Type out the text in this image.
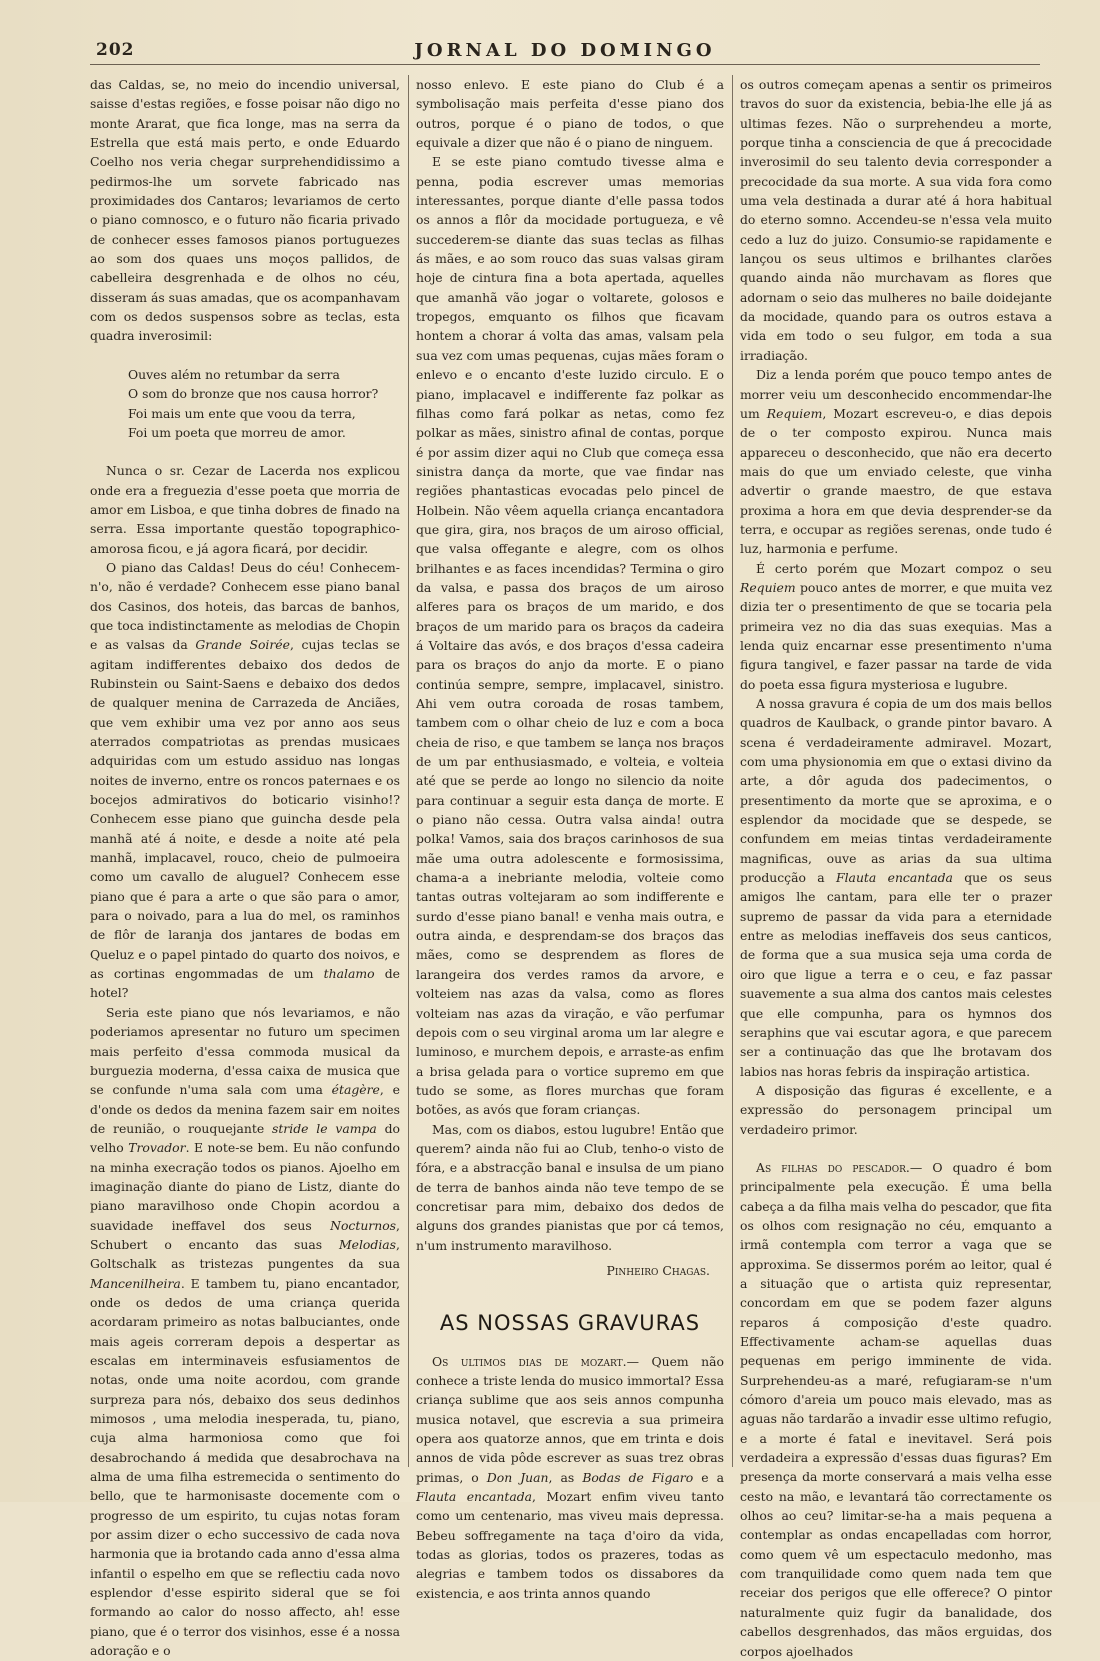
202	JORNAL DO DOMINGO

das Caldas, se, no meio do incendio universal, saisse d'estas regiões, e fosse poisar não digo no monte Ararat, que fica longe, mas na serra da Estrella que está mais perto, e onde Eduardo Coelho nos veria chegar surprehendidissimo a pedirmos-lhe um sorvete fabricado nas proximidades dos Cantaros; levariamos de certo o piano comnosco, e o futuro não ficaria privado de conhecer esses famosos pianos portuguezes ao som dos quaes uns moços pallidos, de cabelleira desgrenhada e de olhos no céu, disseram ás suas amadas, que os acompanhavam com os dedos suspensos sobre as teclas, esta quadra inverosimil:

Ouves além no retumbar da serra
O som do bronze que nos causa horror?
Foi mais um ente que voou da terra,
Foi um poeta que morreu de amor.

Nunca o sr. Cezar de Lacerda nos explicou onde era a freguezia d'esse poeta que morria de amor em Lisboa, e que tinha dobres de finado na serra. Essa importante questão topographico-amorosa ficou, e já agora ficará, por decidir.

O piano das Caldas! Deus do céu! Conhecem-n'o, não é verdade? Conhecem esse piano banal dos Casinos, dos hoteis, das barcas de banhos, que toca indistinctamente as melodias de Chopin e as valsas da Grande Soirée, cujas teclas se agitam indifferentes debaixo dos dedos de Rubinstein ou Saint-Saens e debaixo dos dedos de qualquer menina de Carrazeda de Anciães, que vem exhibir uma vez por anno aos seus aterrados compatriotas as prendas musicaes adquiridas com um estudo assiduo nas longas noites de inverno, entre os roncos paternaes e os bocejos admirativos do boticario visinho!? Conhecem esse piano que guincha desde pela manhã até á noite, e desde a noite até pela manhã, implacavel, rouco, cheio de pulmoeira como um cavallo de aluguel? Conhecem esse piano que é para a arte o que são para o amor, para o noivado, para a lua do mel, os raminhos de flôr de laranja dos jantares de bodas em Queluz e o papel pintado do quarto dos noivos, e as cortinas engommadas de um thalamo de hotel?

Seria este piano que nós levariamos, e não poderiamos apresentar no futuro um specimen mais perfeito d'essa commoda musical da burguezia moderna, d'essa caixa de musica que se confunde n'uma sala com uma étagère, e d'onde os dedos da menina fazem sair em noites de reunião, o rouquejante stride le vampa do velho Trovador. E note-se bem. Eu não confundo na minha execração todos os pianos. Ajoelho em imaginação diante do piano de Listz, diante do piano maravilhoso onde Chopin acordou a suavidade ineffavel dos seus Nocturnos, Schubert o encanto das suas Melodias, Goltschalk as tristezas pungentes da sua Mancenilheira. E tambem tu, piano encantador, onde os dedos de uma criança querida acordaram primeiro as notas balbuciantes, onde mais ageis correram depois a despertar as escalas em interminaveis esfusiamentos de notas, onde uma noite acordou, com grande surpreza para nós, debaixo dos seus dedinhos mimosos , uma melodia inesperada, tu, piano, cuja alma harmoniosa como que foi desabrochando á medida que desabrochava na alma de uma filha estremecida o sentimento do bello, que te harmonisaste docemente com o progresso de um espirito, tu cujas notas foram por assim dizer o echo successivo de cada nova harmonia que ia brotando cada anno d'essa alma infantil o espelho em que se reflectiu cada novo esplendor d'esse espirito sideral que se foi formando ao calor do nosso affecto, ah! esse piano, que é o terror dos visinhos, esse é a nossa adoração e o

nosso enlevo. E este piano do Club é a symbolisação mais perfeita d'esse piano dos outros, porque é o piano de todos, o que equivale a dizer que não é o piano de ninguem.

E se este piano comtudo tivesse alma e penna, podia escrever umas memorias interessantes, porque diante d'elle passa todos os annos a flôr da mocidade portugueza, e vê succederem-se diante das suas teclas as filhas ás mães, e ao som rouco das suas valsas giram hoje de cintura fina a bota apertada, aquelles que amanhã vão jogar o voltarete, golosos e tropegos, emquanto os filhos que ficavam hontem a chorar á volta das amas, valsam pela sua vez com umas pequenas, cujas mães foram o enlevo e o encanto d'este luzido circulo. E o piano, implacavel e indifferente faz polkar as filhas como fará polkar as netas, como fez polkar as mães, sinistro afinal de contas, porque é por assim dizer aqui no Club que começa essa sinistra dança da morte, que vae findar nas regiões phantasticas evocadas pelo pincel de Holbein. Não vêem aquella criança encantadora que gira, gira, nos braços de um airoso official, que valsa offegante e alegre, com os olhos brilhantes e as faces incendidas? Termina o giro da valsa, e passa dos braços de um airoso alferes para os braços de um marido, e dos braços de um marido para os braços da cadeira á Voltaire das avós, e dos braços d'essa cadeira para os braços do anjo da morte. E o piano continúa sempre, sempre, implacavel, sinistro. Ahi vem outra coroada de rosas tambem, tambem com o olhar cheio de luz e com a boca cheia de riso, e que tambem se lança nos braços de um par enthusiasmado, e volteia, e volteia até que se perde ao longo no silencio da noite para continuar a seguir esta dança de morte. E o piano não cessa. Outra valsa ainda! outra polka! Vamos, saia dos braços carinhosos de sua mãe uma outra adolescente e formosissima, chama-a a inebriante melodia, volteie como tantas outras voltejaram ao som indifferente e surdo d'esse piano banal! e venha mais outra, e outra ainda, e desprendam-se dos braços das mães, como se desprendem as flores de larangeira dos verdes ramos da arvore, e volteiem nas azas da valsa, como as flores volteiam nas azas da viração, e vão perfumar depois com o seu virginal aroma um lar alegre e luminoso, e murchem depois, e arraste-as enfim a brisa gelada para o vortice supremo em que tudo se some, as flores murchas que foram botões, as avós que foram crianças.

Mas, com os diabos, estou lugubre! Então que querem? ainda não fui ao Club, tenho-o visto de fóra, e a abstracção banal e insulsa de um piano de terra de banhos ainda não teve tempo de se concretisar para mim, debaixo dos dedos de alguns dos grandes pianistas que por cá temos, n'um instrumento maravilhoso.

Pinheiro Chagas.
AS NOSSAS GRAVURAS

Os ultimos dias de mozart.— Quem não conhece a triste lenda do musico immortal? Essa criança sublime que aos seis annos compunha musica notavel, que escrevia a sua primeira opera aos quatorze annos, que em trinta e dois annos de vida pôde escrever as suas trez obras primas, o Don Juan, as Bodas de Figaro e a Flauta encantada, Mozart enfim viveu tanto como um centenario, mas viveu mais depressa. Bebeu soffregamente na taça d'oiro da vida, todas as glorias, todos os prazeres, todas as alegrias e tambem todos os dissabores da existencia, e aos trinta annos quando

os outros começam apenas a sentir os primeiros travos do suor da existencia, bebia-lhe elle já as ultimas fezes. Não o surprehendeu a morte, porque tinha a consciencia de que á precocidade inverosimil do seu talento devia corresponder a precocidade da sua morte. A sua vida fora como uma vela destinada a durar até á hora habitual do eterno somno. Accendeu-se n'essa vela muito cedo a luz do juizo. Consumio-se rapidamente e lançou os seus ultimos e brilhantes clarões quando ainda não murchavam as flores que adornam o seio das mulheres no baile doidejante da mocidade, quando para os outros estava a vida em todo o seu fulgor, em toda a sua irradiação.

Diz a lenda porém que pouco tempo antes de morrer veiu um desconhecido encommendar-lhe um Requiem, Mozart escreveu-o, e dias depois de o ter composto expirou. Nunca mais appareceu o desconhecido, que não era decerto mais do que um enviado celeste, que vinha advertir o grande maestro, de que estava proxima a hora em que devia desprender-se da terra, e occupar as regiões serenas, onde tudo é luz, harmonia e perfume.

É certo porém que Mozart compoz o seu Requiem pouco antes de morrer, e que muita vez dizia ter o presentimento de que se tocaria pela primeira vez no dia das suas exequias. Mas a lenda quiz encarnar esse presentimento n'uma figura tangivel, e fazer passar na tarde de vida do poeta essa figura mysteriosa e lugubre.

A nossa gravura é copia de um dos mais bellos quadros de Kaulback, o grande pintor bavaro. A scena é verdadeiramente admiravel. Mozart, com uma physionomia em que o extasi divino da arte, a dôr aguda dos padecimentos, o presentimento da morte que se aproxima, e o esplendor da mocidade que se despede, se confundem em meias tintas verdadeiramente magnificas, ouve as arias da sua ultima producção a Flauta encantada que os seus amigos lhe cantam, para elle ter o prazer supremo de passar da vida para a eternidade entre as melodias ineffaveis dos seus canticos, de forma que a sua musica seja uma corda de oiro que ligue a terra e o ceu, e faz passar suavemente a sua alma dos cantos mais celestes que elle compunha, para os hymnos dos seraphins que vai escutar agora, e que parecem ser a continuação das que lhe brotavam dos labios nas horas febris da inspiração artistica.

A disposição das figuras é excellente, e a expressão do personagem principal um verdadeiro primor.

As filhas do pescador.— O quadro é bom principalmente pela execução. É uma bella cabeça a da filha mais velha do pescador, que fita os olhos com resignação no céu, emquanto a irmã contempla com terror a vaga que se approxima. Se dissermos porém ao leitor, qual é a situação que o artista quiz representar, concordam em que se podem fazer alguns reparos á composição d'este quadro. Effectivamente acham-se aquellas duas pequenas em perigo imminente de vida. Surprehendeu-as a maré, refugiaram-se n'um cómoro d'areia um pouco mais elevado, mas as aguas não tardarão a invadir esse ultimo refugio, e a morte é fatal e inevitavel. Será pois verdadeira a expressão d'essas duas figuras? Em presença da morte conservará a mais velha esse cesto na mão, e levantará tão correctamente os olhos ao ceu? limitar-se-ha a mais pequena a contemplar as ondas encapelladas com horror, como quem vê um espectaculo medonho, mas com tranquilidade como quem nada tem que receiar dos perigos que elle offerece? O pintor naturalmente quiz fugir da banalidade, dos cabellos desgrenhados, das mãos erguidas, dos corpos ajoelhados
